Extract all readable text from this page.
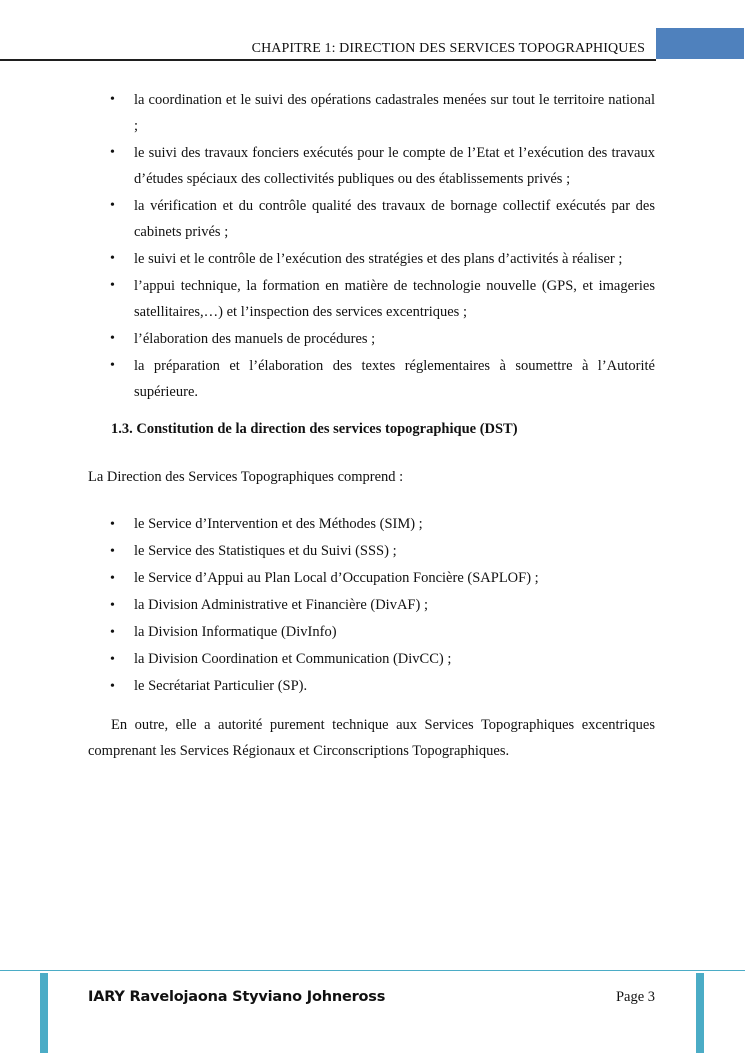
CHAPITRE 1: DIRECTION DES SERVICES TOPOGRAPHIQUES
• la coordination et le suivi des opérations cadastrales menées sur tout le territoire national ;
• le suivi des travaux fonciers exécutés pour le compte de l’Etat et l’exécution des travaux d’études spéciaux des collectivités publiques ou des établissements privés ;
• la vérification et du contrôle qualité des travaux de bornage collectif exécutés par des cabinets privés ;
• le suivi et le contrôle de l’exécution des stratégies et des plans d’activités à réaliser ;
• l’appui technique, la formation en matière de technologie nouvelle (GPS, et imageries satellitaires,…) et l’inspection des services excentriques ;
• l’élaboration des manuels de procédures ;
• la préparation et l’élaboration des textes réglementaires à soumettre à l’Autorité supérieure.
1.3. Constitution de la direction des services topographique (DST)
La Direction des Services Topographiques comprend :
• le Service d’Intervention et des Méthodes (SIM) ;
• le Service des Statistiques et du Suivi (SSS) ;
• le Service d’Appui au Plan Local d’Occupation Foncière (SAPLOF) ;
• la Division Administrative et Financière (DivAF) ;
• la Division Informatique (DivInfo)
• la Division Coordination et Communication (DivCC) ;
• le Secrétariat Particulier (SP).

En outre, elle a autorité purement technique aux Services Topographiques excentriques comprenant les Services Régionaux et Circonscriptions Topographiques.

IARY Ravelojaona Styviano Johneross	Page 3
